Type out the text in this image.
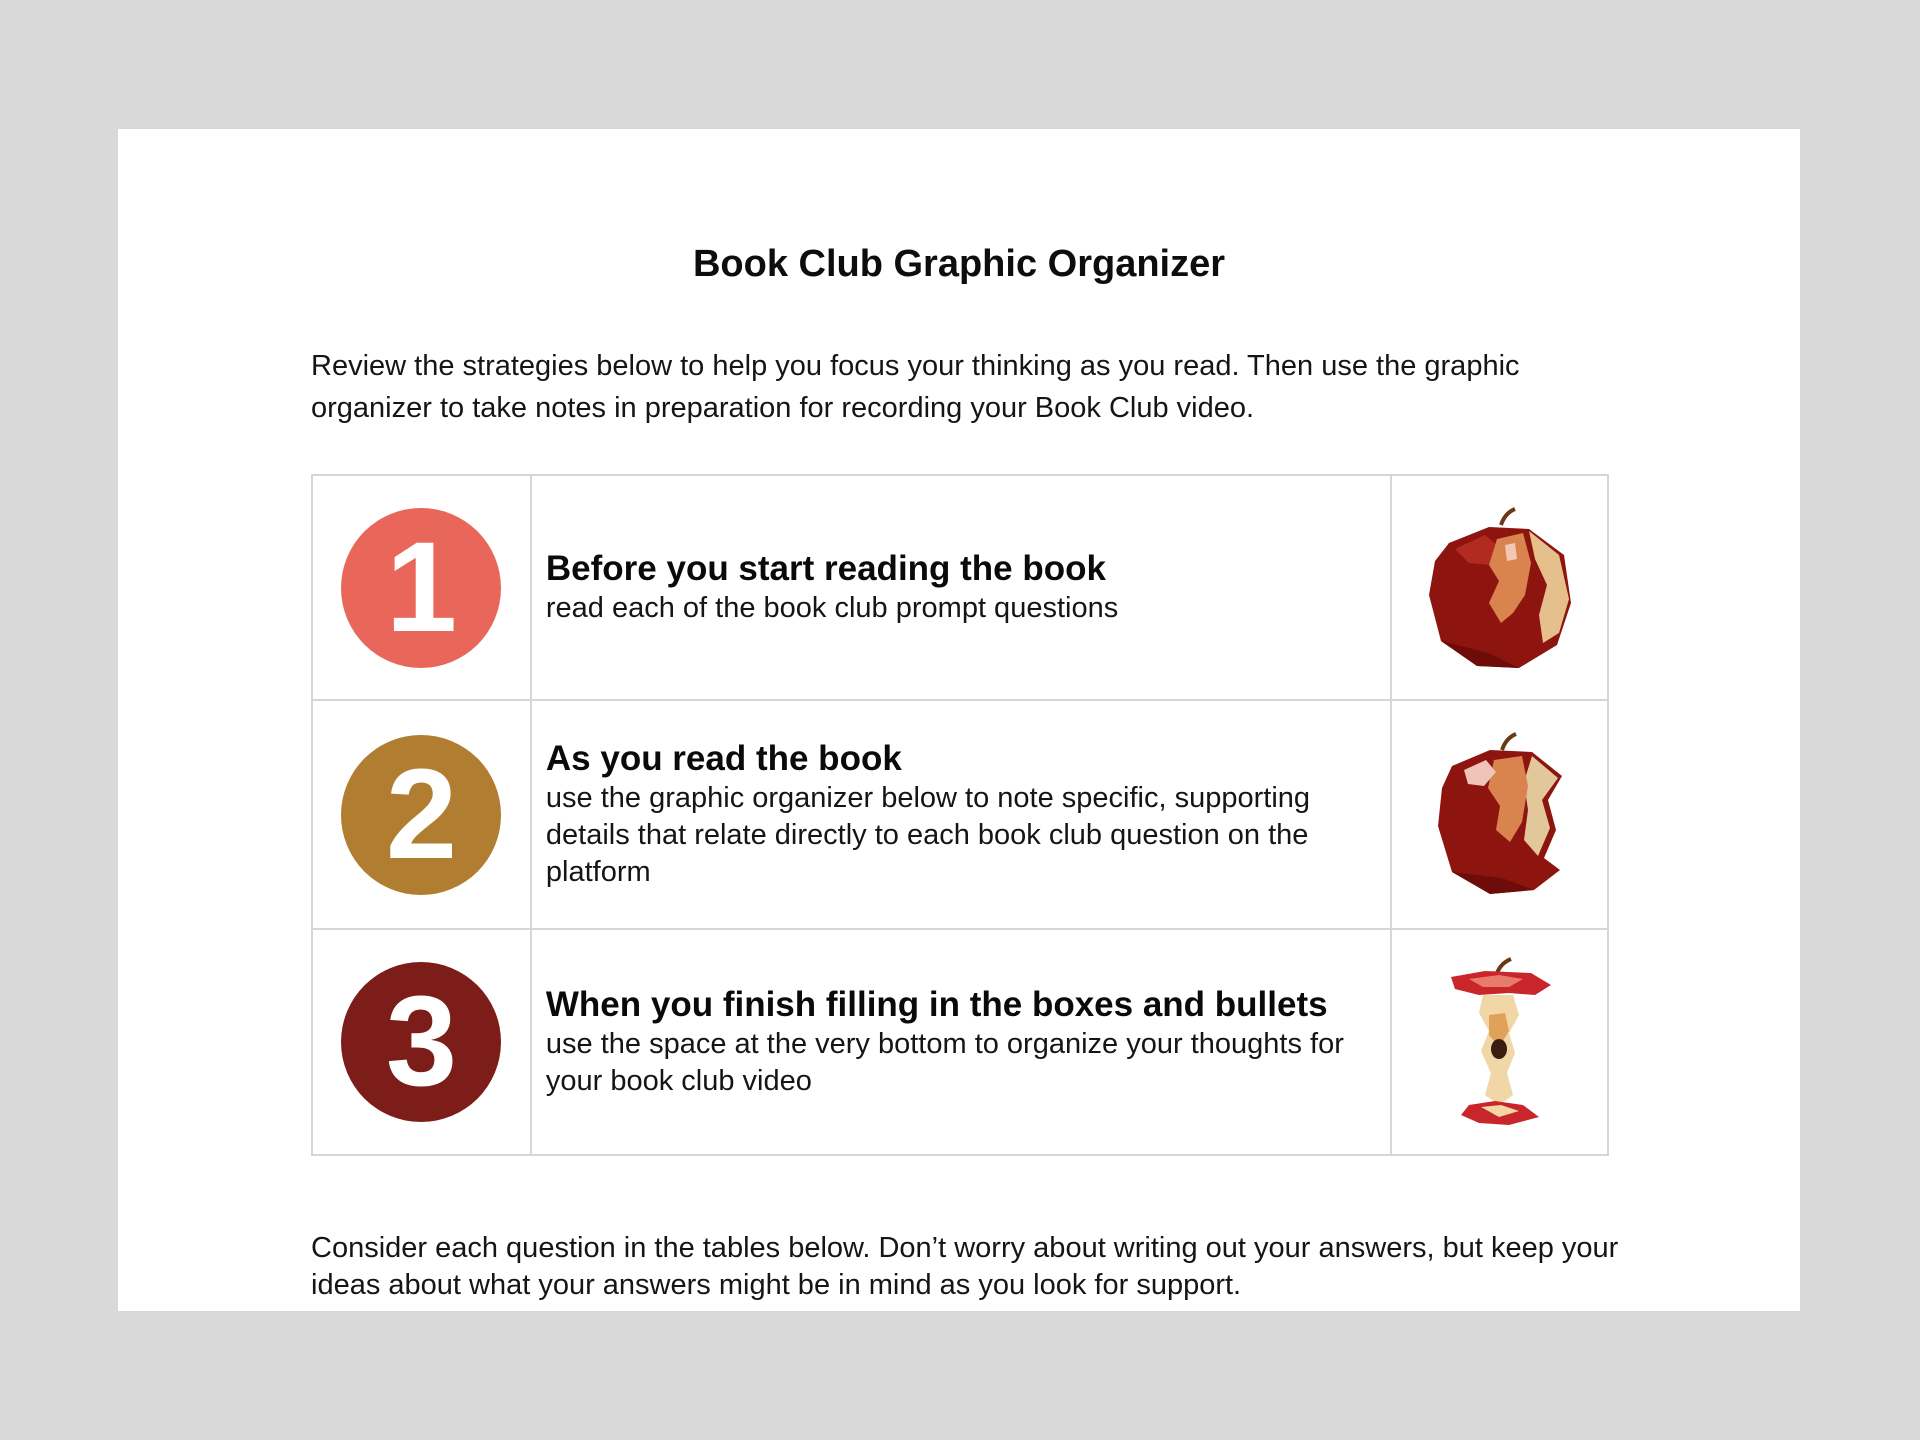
Book Club Graphic Organizer

Review the strategies below to help you focus your thinking as you read. Then use the graphic organizer to take notes in preparation for recording your Book Club video.

1	Before you start reading the book
read each of the book club prompt questions

2	As you read the book
use the graphic organizer below to note specific, supporting details that relate directly to each book club question on the platform

3	When you finish filling in the boxes and bullets
use the space at the very bottom to organize your thoughts for your book club video

Consider each question in the tables below. Don’t worry about writing out your answers, but keep your ideas about what your answers might be in mind as you look for support.
